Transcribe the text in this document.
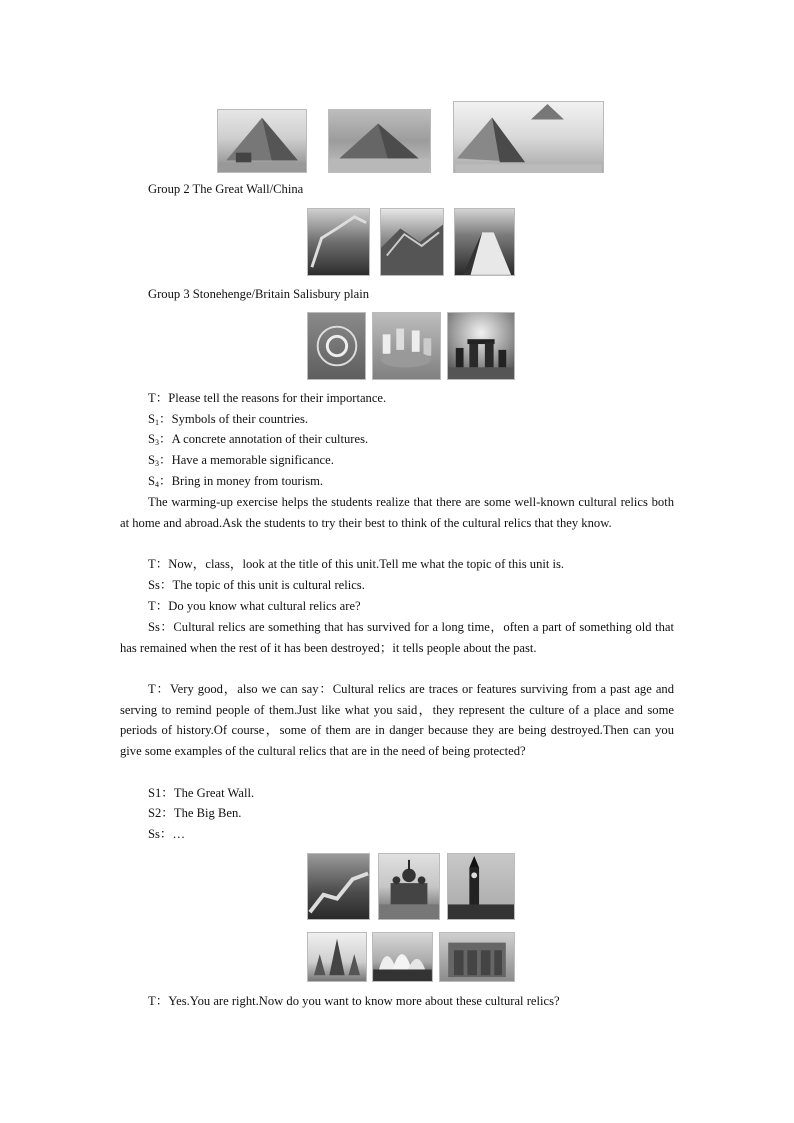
Group 2 The Great Wall/China
Group 3 Stonehenge/Britain Salisbury plain
T：Please tell the reasons for their importance.
$S_1$：Symbols of their countries.
$S_3$：A concrete annotation of their cultures.
$S_3$：Have a memorable significance.
$S_4$：Bring in money from tourism.
The warming-up exercise helps the students realize that there are some well-known cultural relics both at home and abroad.Ask the students to try their best to think of the cultural relics that they know.
T：Now，class，look at the title of this unit.Tell me what the topic of this unit is.
Ss：The topic of this unit is cultural relics.
T：Do you know what cultural relics are?
Ss：Cultural relics are something that has survived for a long time，often a part of something old that has remained when the rest of it has been destroyed；it tells people about the past.
T：Very good，also we can say：Cultural relics are traces or features surviving from a past age and serving to remind people of them.Just like what you said，they represent the culture of a place and some periods of history.Of course，some of them are in danger because they are being destroyed.Then can you give some examples of the cultural relics that are in the need of being protected?
S1：The Great Wall.
S2：The Big Ben.
Ss：…
T：Yes.You are right.Now do you want to know more about these cultural relics?
